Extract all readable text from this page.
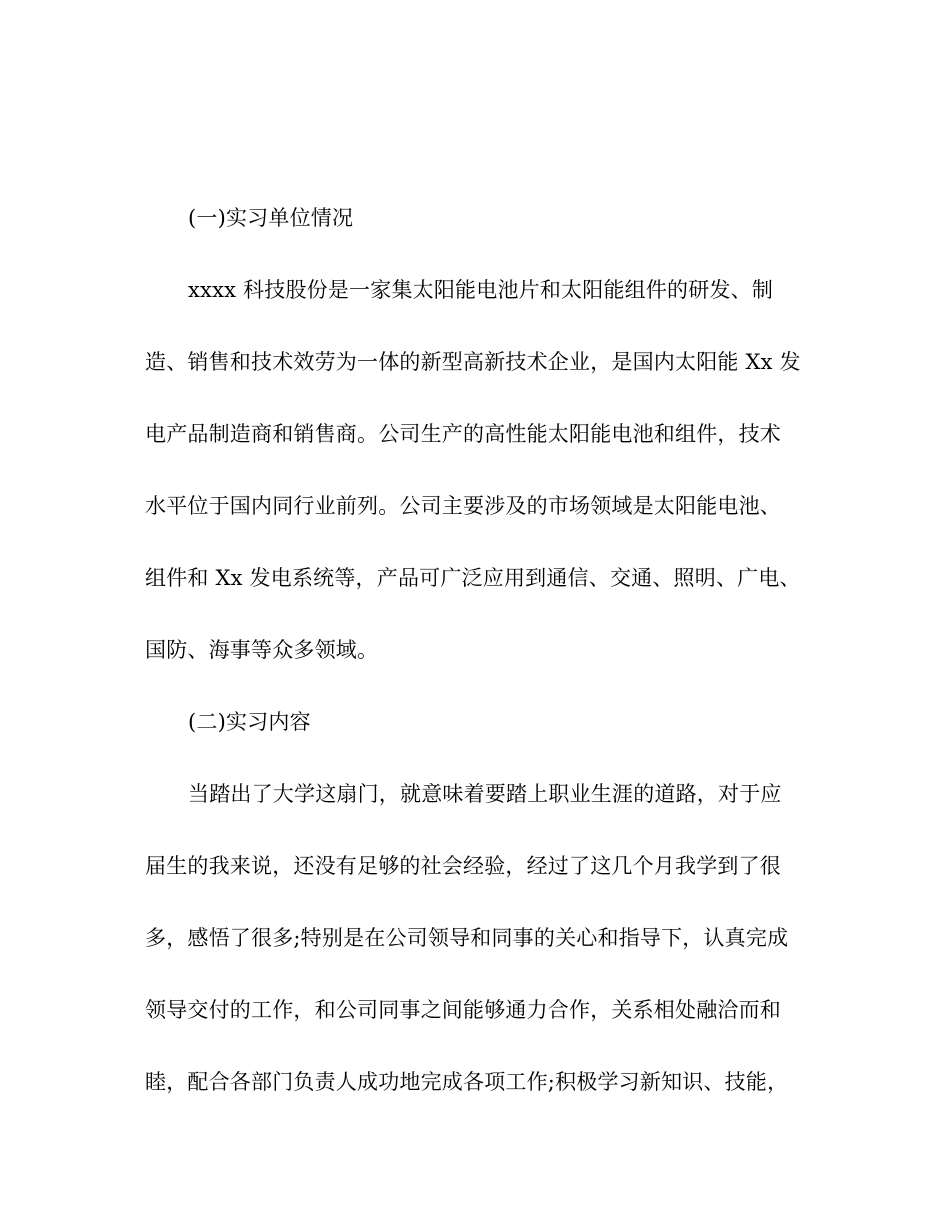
(一)实习单位情况
xxxx 科技股份是一家集太阳能电池片和太阳能组件的研发、制
造、销售和技术效劳为一体的新型高新技术企业，是国内太阳能 Xx 发
电产品制造商和销售商。公司生产的高性能太阳能电池和组件，技术
水平位于国内同行业前列。公司主要涉及的市场领域是太阳能电池、
组件和 Xx 发电系统等，产品可广泛应用到通信、交通、照明、广电、
国防、海事等众多领域。
(二)实习内容
当踏出了大学这扇门，就意味着要踏上职业生涯的道路，对于应
届生的我来说，还没有足够的社会经验，经过了这几个月我学到了很
多，感悟了很多;特别是在公司领导和同事的关心和指导下，认真完成
领导交付的工作，和公司同事之间能够通力合作，关系相处融洽而和
睦，配合各部门负责人成功地完成各项工作;积极学习新知识、技能，
